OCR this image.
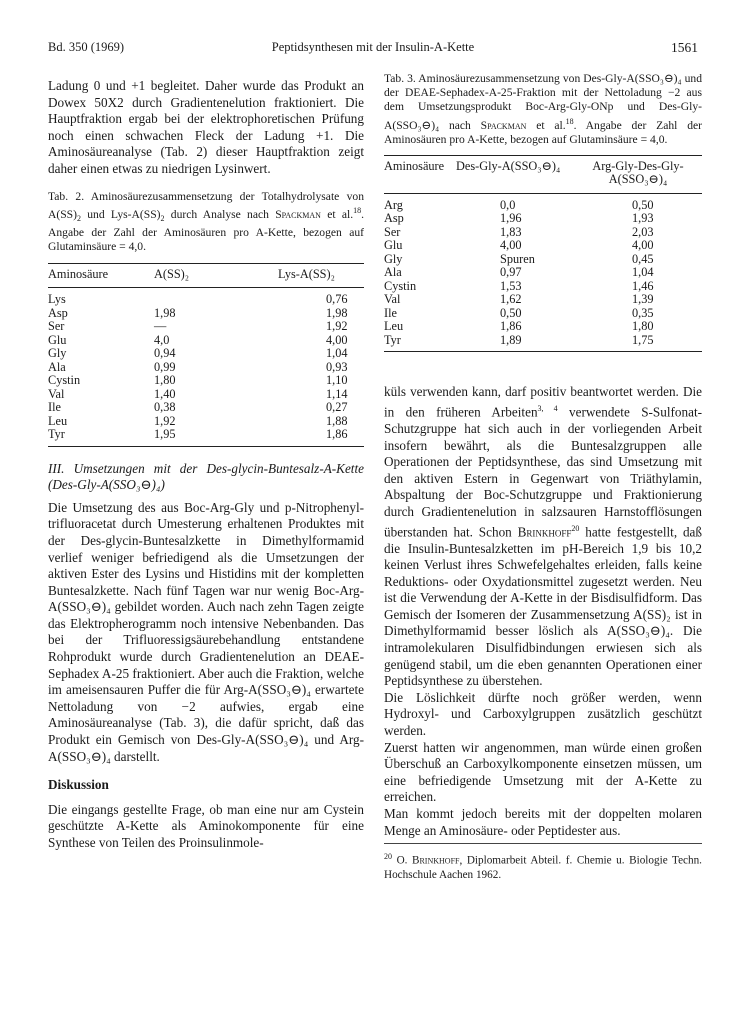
Bd. 350 (1969)	Peptidsynthesen mit der Insulin-A-Kette	1561

Ladung 0 und +1 begleitet. Daher wurde das Produkt an Dowex 50X2 durch Gradientenelution fraktioniert. Die Hauptfraktion ergab bei der elektrophoretischen Prüfung noch einen schwachen Fleck der Ladung +1. Die Aminosäureanalyse (Tab. 2) dieser Hauptfraktion zeigt daher einen etwas zu niedrigen Lysinwert.

Tab. 2. Aminosäurezusammensetzung der Totalhydrolysate von $A(SS)_2$ und Lys-$A(SS)_2$ durch Analyse nach Spackman et al.$^{18}$. Angabe der Zahl der Aminosäuren pro A-Kette, bezogen auf Glutaminsäure = 4,0.

Aminosäure	A(SS)₂	Lys-A(SS)₂
Lys		0,76
Asp	1,98	1,98
Ser	—	1,92
Glu	4,0	4,00
Gly	0,94	1,04
Ala	0,99	0,93
Cystin	1,80	1,10
Val	1,40	1,14
Ile	0,38	0,27
Leu	1,92	1,88
Tyr	1,95	1,86

III. Umsetzungen mit der Des-glycin-Buntesalz-A-Kette (Des-Gly-A(SSO₃⊖)₄)

Die Umsetzung des aus Boc-Arg-Gly und p-Nitrophenyl-trifluoracetat durch Umesterung erhaltenen Produktes mit der Des-glycin-Buntesalzkette in Dimethylformamid verlief weniger befriedigend als die Umsetzungen der aktiven Ester des Lysins und Histidins mit der kompletten Buntesalzkette. Nach fünf Tagen war nur wenig Boc-Arg-A(SSO₃⊖)₄ gebildet worden. Auch nach zehn Tagen zeigte das Elektropherogramm noch intensive Nebenbanden. Das bei der Trifluoressigsäurebehandlung entstandene Rohprodukt wurde durch Gradientenelution an DEAE-Sephadex A-25 fraktioniert. Aber auch die Fraktion, welche im ameisensauren Puffer die für Arg-A(SSO₃⊖)₄ erwartete Nettoladung von −2 aufwies, ergab eine Aminosäureanalyse (Tab. 3), die dafür spricht, daß das Produkt ein Gemisch von Des-Gly-A(SSO₃⊖)₄ und Arg-A(SSO₃⊖)₄ darstellt.

Diskussion

Die eingangs gestellte Frage, ob man eine nur am Cystein geschützte A-Kette als Aminokomponente für eine Synthese von Teilen des Proinsulinmole-

Tab. 3. Aminosäurezusammensetzung von Des-Gly-A(SSO₃⊖)₄ und der DEAE-Sephadex-A-25-Fraktion mit der Nettoladung −2 aus dem Umsetzungsprodukt Boc-Arg-Gly-ONp und Des-Gly-A(SSO₃⊖)₄ nach Spackman et al.$^{18}$. Angabe der Zahl der Aminosäuren pro A-Kette, bezogen auf Glutaminsäure = 4,0.

Aminosäure	Des-Gly-A(SSO₃⊖)₄	Arg-Gly-Des-Gly-A(SSO₃⊖)₄
Arg	0,0	0,50
Asp	1,96	1,93
Ser	1,83	2,03
Glu	4,00	4,00
Gly	Spuren	0,45
Ala	0,97	1,04
Cystin	1,53	1,46
Val	1,62	1,39
Ile	0,50	0,35
Leu	1,86	1,80
Tyr	1,89	1,75

küls verwenden kann, darf positiv beantwortet werden. Die in den früheren Arbeiten$^{3, 4}$ verwendete S-Sulfonat-Schutzgruppe hat sich auch in der vorliegenden Arbeit insofern bewährt, als die Buntesalzgruppen alle Operationen der Peptidsynthese, das sind Umsetzung mit den aktiven Estern in Gegenwart von Triäthylamin, Abspaltung der Boc-Schutzgruppe und Fraktionierung durch Gradientenelution in salzsauren Harnstofflösungen überstanden hat. Schon Brinkhoff$^{20}$ hatte festgestellt, daß die Insulin-Buntesalzketten im pH-Bereich 1,9 bis 10,2 keinen Verlust ihres Schwefelgehaltes erleiden, falls keine Reduktions- oder Oxydationsmittel zugesetzt werden. Neu ist die Verwendung der A-Kette in der Bisdisulfidform. Das Gemisch der Isomeren der Zusammensetzung A(SS)₂ ist in Dimethylformamid besser löslich als A(SSO₃⊖)₄. Die intramolekularen Disulfidbindungen erwiesen sich als genügend stabil, um die eben genannten Operationen einer Peptidsynthese zu überstehen.

Die Löslichkeit dürfte noch größer werden, wenn Hydroxyl- und Carboxylgruppen zusätzlich geschützt werden.

Zuerst hatten wir angenommen, man würde einen großen Überschuß an Carboxylkomponente einsetzen müssen, um eine befriedigende Umsetzung mit der A-Kette zu erreichen.

Man kommt jedoch bereits mit der doppelten molaren Menge an Aminosäure- oder Peptidester aus.

$^{20}$ O. Brinkhoff, Diplomarbeit Abteil. f. Chemie u. Biologie Techn. Hochschule Aachen 1962.
